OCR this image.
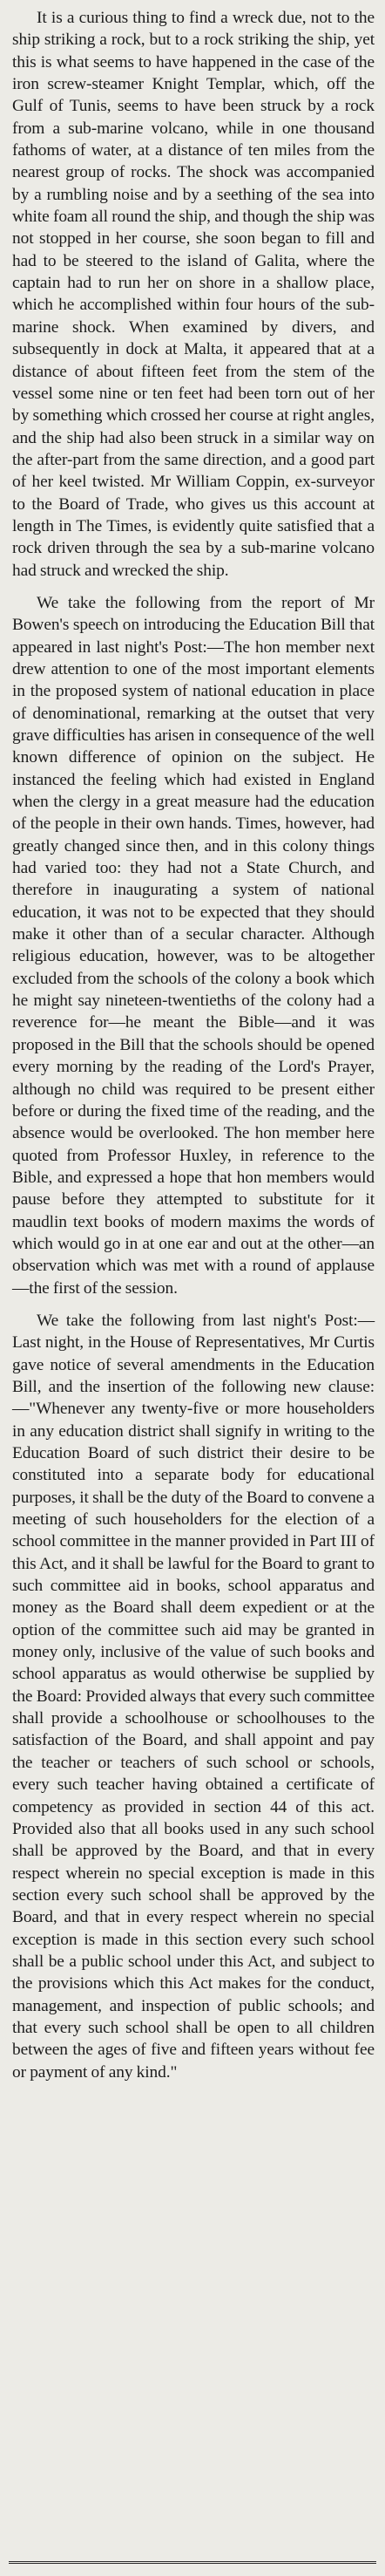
It is a curious thing to find a wreck due, not to the ship striking a rock, but to a rock striking the ship, yet this is what seems to have happened in the case of the iron screw-steamer Knight Templar, which, off the Gulf of Tunis, seems to have been struck by a rock from a sub-marine volcano, while in one thousand fathoms of water, at a distance of ten miles from the nearest group of rocks. The shock was accompanied by a rumbling noise and by a seething of the sea into white foam all round the ship, and though the ship was not stopped in her course, she soon began to fill and had to be steered to the island of Galita, where the captain had to run her on shore in a shallow place, which he accomplished within four hours of the sub-marine shock. When examined by divers, and subsequently in dock at Malta, it appeared that at a distance of about fifteen feet from the stem of the vessel some nine or ten feet had been torn out of her by something which crossed her course at right angles, and the ship had also been struck in a similar way on the after-part from the same direction, and a good part of her keel twisted. Mr William Coppin, ex-surveyor to the Board of Trade, who gives us this account at length in The Times, is evidently quite satisfied that a rock driven through the sea by a sub-marine volcano had struck and wrecked the ship.

We take the following from the report of Mr Bowen's speech on introducing the Education Bill that appeared in last night's Post:—The hon member next drew attention to one of the most important elements in the proposed system of national education in place of denominational, remarking at the outset that very grave difficulties has arisen in consequence of the well known difference of opinion on the subject. He instanced the feeling which had existed in England when the clergy in a great measure had the education of the people in their own hands. Times, however, had greatly changed since then, and in this colony things had varied too: they had not a State Church, and therefore in inaugurating a system of national education, it was not to be expected that they should make it other than of a secular character. Although religious education, however, was to be altogether excluded from the schools of the colony a book which he might say nineteen-twentieths of the colony had a reverence for—he meant the Bible—and it was proposed in the Bill that the schools should be opened every morning by the reading of the Lord's Prayer, although no child was required to be present either before or during the fixed time of the reading, and the absence would be overlooked. The hon member here quoted from Professor Huxley, in reference to the Bible, and expressed a hope that hon members would pause before they attempted to substitute for it maudlin text books of modern maxims the words of which would go in at one ear and out at the other—an observation which was met with a round of applause—the first of the session.

We take the following from last night's Post:—Last night, in the House of Representatives, Mr Curtis gave notice of several amendments in the Education Bill, and the insertion of the following new clause:—"Whenever any twenty-five or more householders in any education district shall signify in writing to the Education Board of such district their desire to be constituted into a separate body for educational purposes, it shall be the duty of the Board to convene a meeting of such householders for the election of a school committee in the manner provided in Part III of this Act, and it shall be lawful for the Board to grant to such committee aid in books, school apparatus and money as the Board shall deem expedient or at the option of the committee such aid may be granted in money only, inclusive of the value of such books and school apparatus as would otherwise be supplied by the Board: Provided always that every such committee shall provide a schoolhouse or schoolhouses to the satisfaction of the Board, and shall appoint and pay the teacher or teachers of such school or schools, every such teacher having obtained a certificate of competency as provided in section 44 of this act. Provided also that all books used in any such school shall be approved by the Board, and that in every respect wherein no special exception is made in this section every such school shall be approved by the Board, and that in every respect wherein no special exception is made in this section every such school shall be a public school under this Act, and subject to the provisions which this Act makes for the conduct, management, and inspection of public schools; and that every such school shall be open to all children between the ages of five and fifteen years without fee or payment of any kind."
